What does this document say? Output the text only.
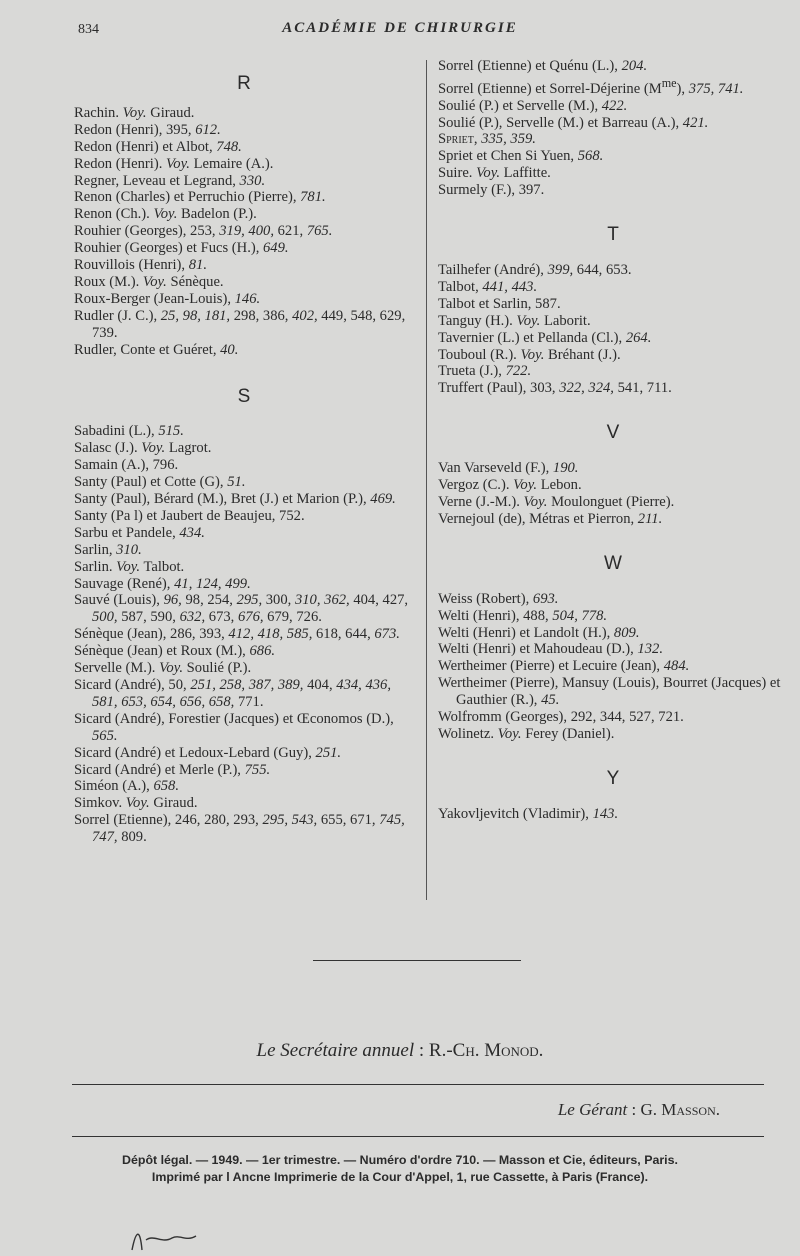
834	ACADÉMIE DE CHIRURGIE
R
Rachin. Voy. Giraud.
Redon (Henri), 395, 612.
Redon (Henri) et Albot, 748.
Redon (Henri). Voy. Lemaire (A.).
Regner, Leveau et Legrand, 330.
Renon (Charles) et Perruchio (Pierre), 781.
Renon (Ch.). Voy. Badelon (P.).
Rouhier (Georges), 253, 319, 400, 621, 765.
Rouhier (Georges) et Fucs (H.), 649.
Rouvillois (Henri), 81.
Roux (M.). Voy. Sénèque.
Roux-Berger (Jean-Louis), 146.
Rudler (J. C.), 25, 98, 181, 298, 386, 402, 449, 548, 629, 739.
Rudler, Conte et Guéret, 40.
S
Sabadini (L.), 515.
Salasc (J.). Voy. Lagrot.
Samain (A.), 796.
Santy (Paul) et Cotte (G), 51.
Santy (Paul), Bérard (M.), Bret (J.) et Marion (P.), 469.
Santy (Pa l) et Jaubert de Beaujeu, 752.
Sarbu et Pandele, 434.
Sarlin, 310.
Sarlin. Voy. Talbot.
Sauvage (René), 41, 124, 499.
Sauvé (Louis), 96, 98, 254, 295, 300, 310, 362, 404, 427, 500, 587, 590, 632, 673, 676, 679, 726.
Sénèque (Jean), 286, 393, 412, 418, 585, 618, 644, 673.
Sénèque (Jean) et Roux (M.), 686.
Servelle (M.). Voy. Soulié (P.).
Sicard (André), 50, 251, 258, 387, 389, 404, 434, 436, 581, 653, 654, 656, 658, 771.
Sicard (André), Forestier (Jacques) et Œconomos (D.), 565.
Sicard (André) et Ledoux-Lebard (Guy), 251.
Sicard (André) et Merle (P.), 755.
Siméon (A.), 658.
Simkov. Voy. Giraud.
Sorrel (Etienne), 246, 280, 293, 295, 543, 655, 671, 745, 747, 809.
Sorrel (Etienne) et Quénu (L.), 204.
Sorrel (Etienne) et Sorrel-Déjerine $(M^{me})$, 375, 741.
Soulié (P.) et Servelle (M.), 422.
Soulié (P.), Servelle (M.) et Barreau (A.), 421.
Spriet, 335, 359.
Spriet et Chen Si Yuen, 568.
Suire. Voy. Laffitte.
Surmely (F.), 397.
T
Tailhefer (André), 399, 644, 653.
Talbot, 441, 443.
Talbot et Sarlin, 587.
Tanguy (H.). Voy. Laborit.
Tavernier (L.) et Pellanda (Cl.), 264.
Touboul (R.). Voy. Bréhant (J.).
Trueta (J.), 722.
Truffert (Paul), 303, 322, 324, 541, 711.
V
Van Varseveld (F.), 190.
Vergoz (C.). Voy. Lebon.
Verne (J.-M.). Voy. Moulonguet (Pierre).
Vernejoul (de), Métras et Pierron, 211.
W
Weiss (Robert), 693.
Welti (Henri), 488, 504, 778.
Welti (Henri) et Landolt (H.), 809.
Welti (Henri) et Mahoudeau (D.), 132.
Wertheimer (Pierre) et Lecuire (Jean), 484.
Wertheimer (Pierre), Mansuy (Louis), Bourret (Jacques) et Gauthier (R.), 45.
Wolfromm (Georges), 292, 344, 527, 721.
Wolinetz. Voy. Ferey (Daniel).
Y
Yakovljevitch (Vladimir), 143.
Le Secrétaire annuel : R.-Ch. Monod.
Le Gérant : G. Masson.
Dépôt légal. — 1949. — 1er trimestre. — Numéro d'ordre 710. — Masson et Cie, éditeurs, Paris.
Imprimé par l Ancne Imprimerie de la Cour d'Appel, 1, rue Cassette, à Paris (France).
